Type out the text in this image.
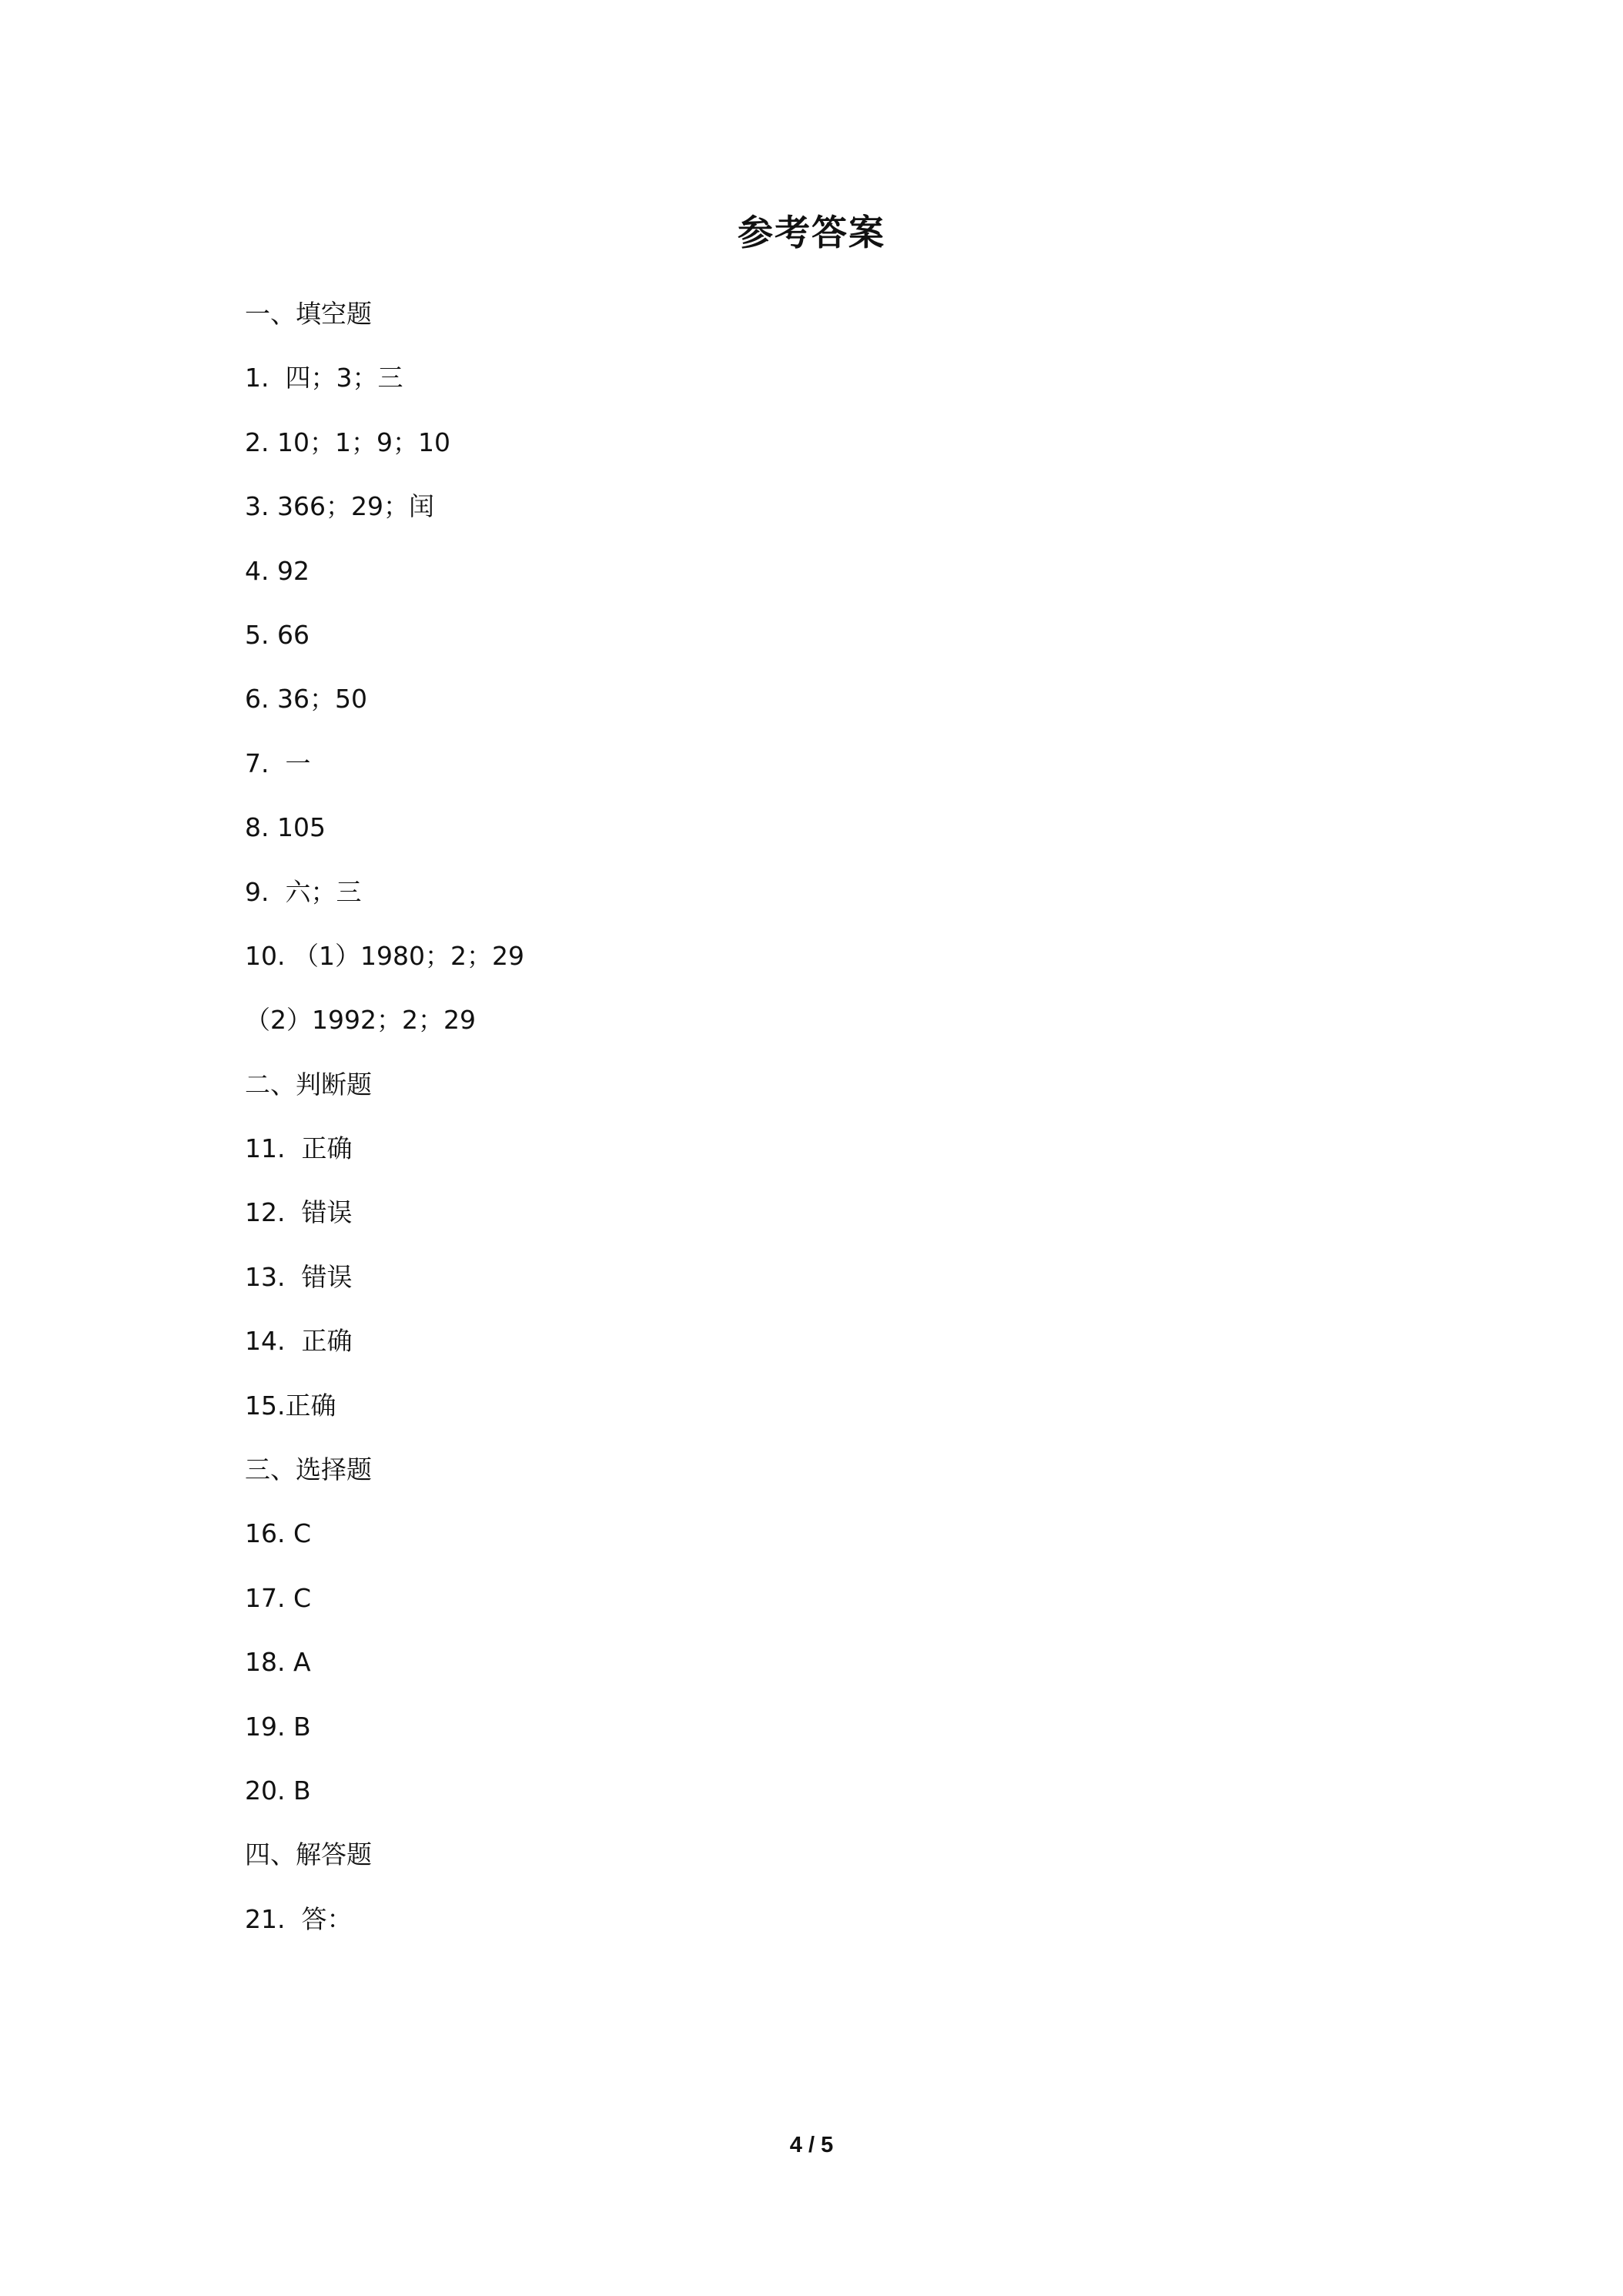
参考答案
一、填空题
1.  四；3；三
2. 10；1；9；10
3. 366；29；闰
4. 92
5. 66
6. 36；50
7.  一
8. 105
9.  六；三
10. （1）1980；2；29
（2）1992；2；29
二、判断题
11.  正确
12.  错误
13.  错误
14.  正确
15.正确
三、选择题
16. C
17. C
18. A
19. B
20. B
四、解答题
21.  答：
4 / 5
